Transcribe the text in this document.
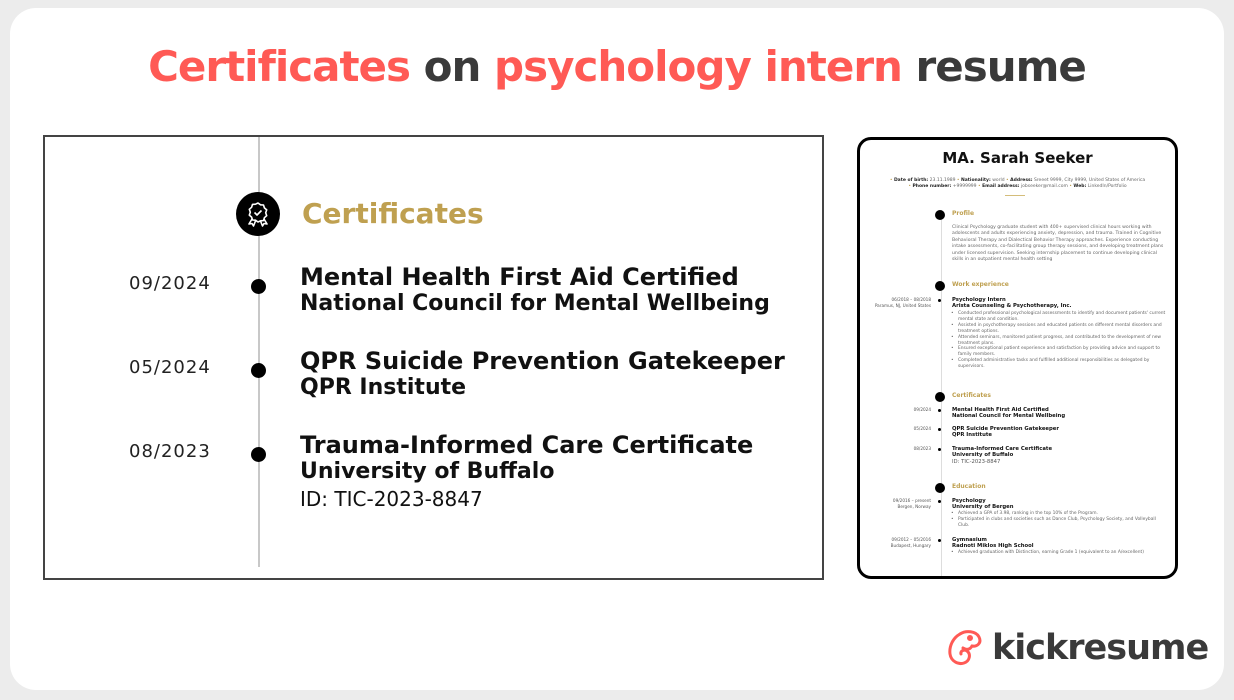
Certificates on psychology intern resume
Certificates
09/2024	Mental Health First Aid Certified
National Council for Mental Wellbeing
05/2024	QPR Suicide Prevention Gatekeeper
QPR Institute
08/2023	Trauma-Informed Care Certificate
University of Buffalo
ID: TIC-2023-8847
MA. Sarah Seeker
• Date of birth: 23.11.1989 • Nationality: world • Address: Sreeet 9999, City 9999, United States of America
• Phone number: +9999999 • Email address: jobseeker@mail.com • Web: LinkedIn/Portfolio
Profile
Clinical Psychology graduate student with 400+ supervised clinical hours working with adolescents and adults experiencing anxiety, depression, and trauma. Trained in Cognitive Behavioral Therapy and Dialectical Behavior Therapy approaches. Experience conducting intake assessments, co-facilitating group therapy sessions, and developing treatment plans under licensed supervision. Seeking internship placement to continue developing clinical skills in an outpatient mental health setting
Work experience
06/2018 – 08/2018
Paramus, NJ, United States
Psychology Intern
Arista Counseling & Psychotherapy, Inc.
• Conducted professional psychological assessments to identify and document patients' current mental state and condition.
• Assisted in psychotherapy sessions and educated patients on different mental disorders and treatment options.
• Attended seminars, monitored patient progress, and contributed to the development of new treatment plans.
• Ensured exceptional patient experience and satisfaction by providing advice and support to family members.
• Completed administrative tasks and fulfilled additional responsibilities as delegated by supervisors.
Certificates
09/2024	Mental Health First Aid Certified
National Council for Mental Wellbeing
05/2024	QPR Suicide Prevention Gatekeeper
QPR Institute
08/2023	Trauma-Informed Care Certificate
University of Buffalo
ID: TIC-2023-8847
Education
09/2016 – present
Bergen, Norway
Psychology
University of Bergen
• Achieved a GPA of 3.98, ranking in the top 10% of the Program.
• Participated in clubs and societies such as Dance Club, Psychology Society, and Volleyball Club.
09/2012 – 05/2016
Budapest, Hungary
Gymnasium
Radnoti Miklos High School
• Achieved graduation with Distinction, earning Grade 1 (equivalent to an A/excellent)
kickresume
